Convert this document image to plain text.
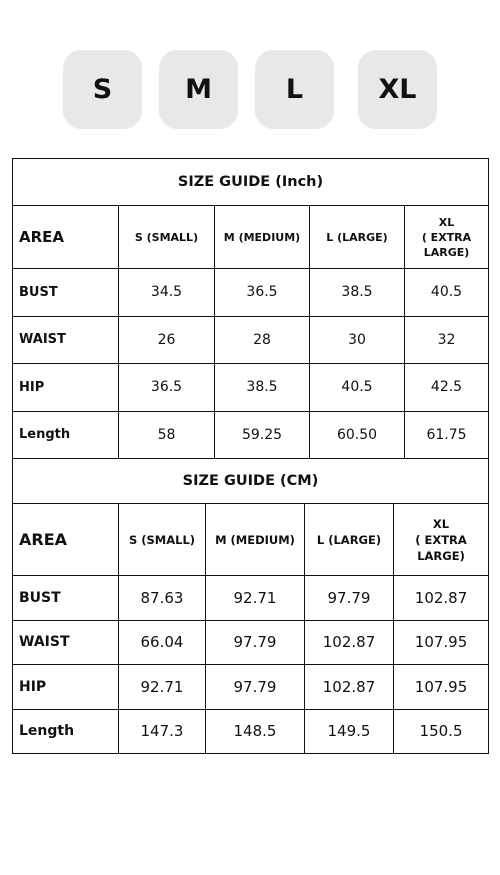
S	M	L	XL
SIZE GUIDE (Inch)				
AREA	S (SMALL)	M (MEDIUM)	L (LARGE)	XL
( EXTRA
LARGE)
BUST	34.5	36.5	38.5	40.5
WAIST	26	28	30	32
HIP	36.5	38.5	40.5	42.5
Length	58	59.25	60.50	61.75
SIZE GUIDE (CM)				
AREA	S (SMALL)	M (MEDIUM)	L (LARGE)	XL
( EXTRA
LARGE)
BUST	87.63	92.71	97.79	102.87
WAIST	66.04	97.79	102.87	107.95
HIP	92.71	97.79	102.87	107.95
Length	147.3	148.5	149.5	150.5
